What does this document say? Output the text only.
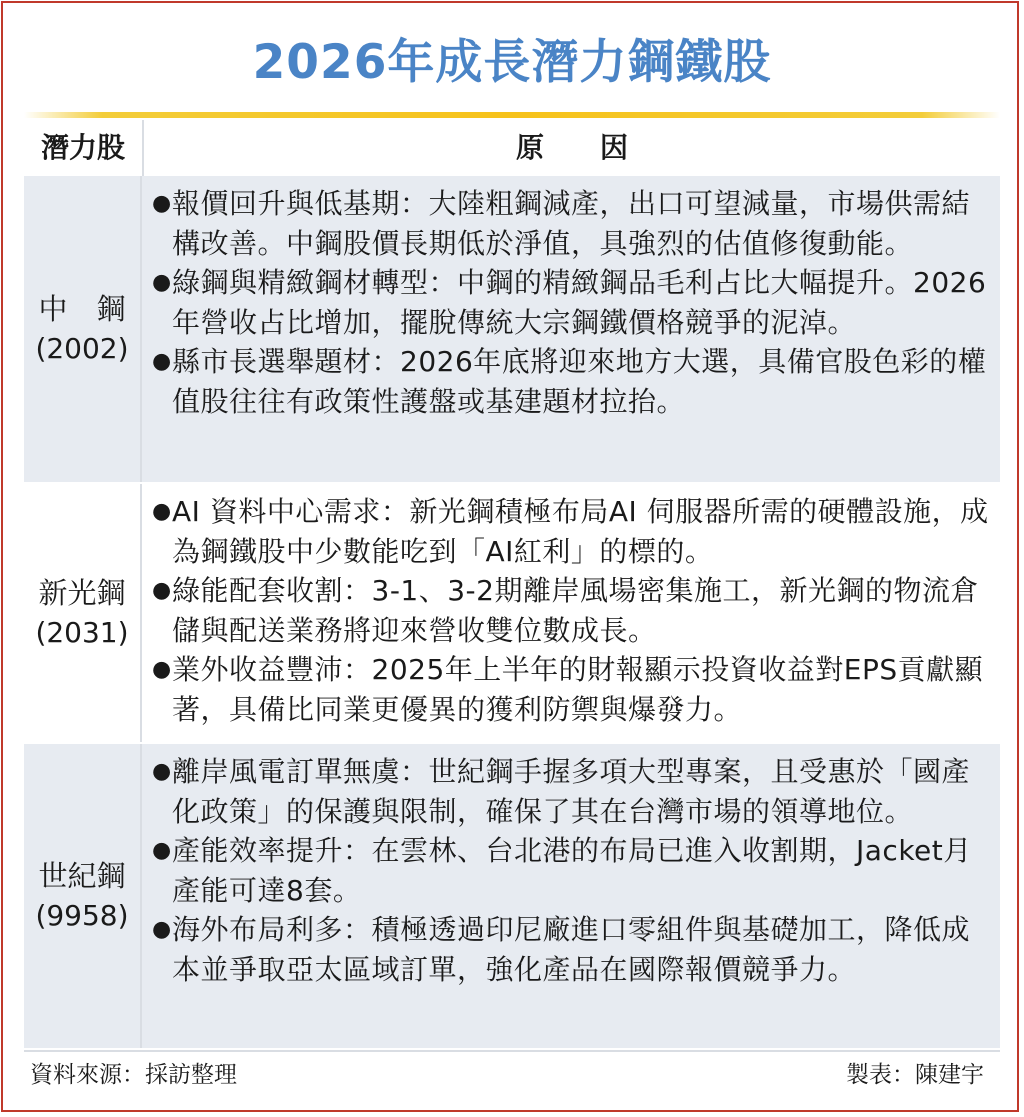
2026年成長潛力鋼鐵股
潛力股	原　　因
中　鋼
(2002)
● 報價回升與低基期：大陸粗鋼減產，出口可望減量，市場供需結構改善。中鋼股價長期低於淨值，具強烈的估值修復動能。
● 綠鋼與精緻鋼材轉型：中鋼的精緻鋼品毛利占比大幅提升。2026年營收占比增加，擺脫傳統大宗鋼鐵價格競爭的泥淖。
● 縣市長選舉題材：2026年底將迎來地方大選，具備官股色彩的權值股往往有政策性護盤或基建題材拉抬。
新光鋼
(2031)
● AI 資料中心需求：新光鋼積極布局AI 伺服器所需的硬體設施，成為鋼鐵股中少數能吃到「AI紅利」的標的。
● 綠能配套收割：3-1、3-2期離岸風場密集施工，新光鋼的物流倉儲與配送業務將迎來營收雙位數成長。
● 業外收益豐沛：2025年上半年的財報顯示投資收益對EPS貢獻顯著，具備比同業更優異的獲利防禦與爆發力。
世紀鋼
(9958)
● 離岸風電訂單無虞：世紀鋼手握多項大型專案，且受惠於「國產化政策」的保護與限制，確保了其在台灣市場的領導地位。
● 產能效率提升：在雲林、台北港的布局已進入收割期，Jacket月產能可達8套。
● 海外布局利多：積極透過印尼廠進口零組件與基礎加工，降低成本並爭取亞太區域訂單，強化產品在國際報價競爭力。
資料來源：採訪整理	製表：陳建宇
